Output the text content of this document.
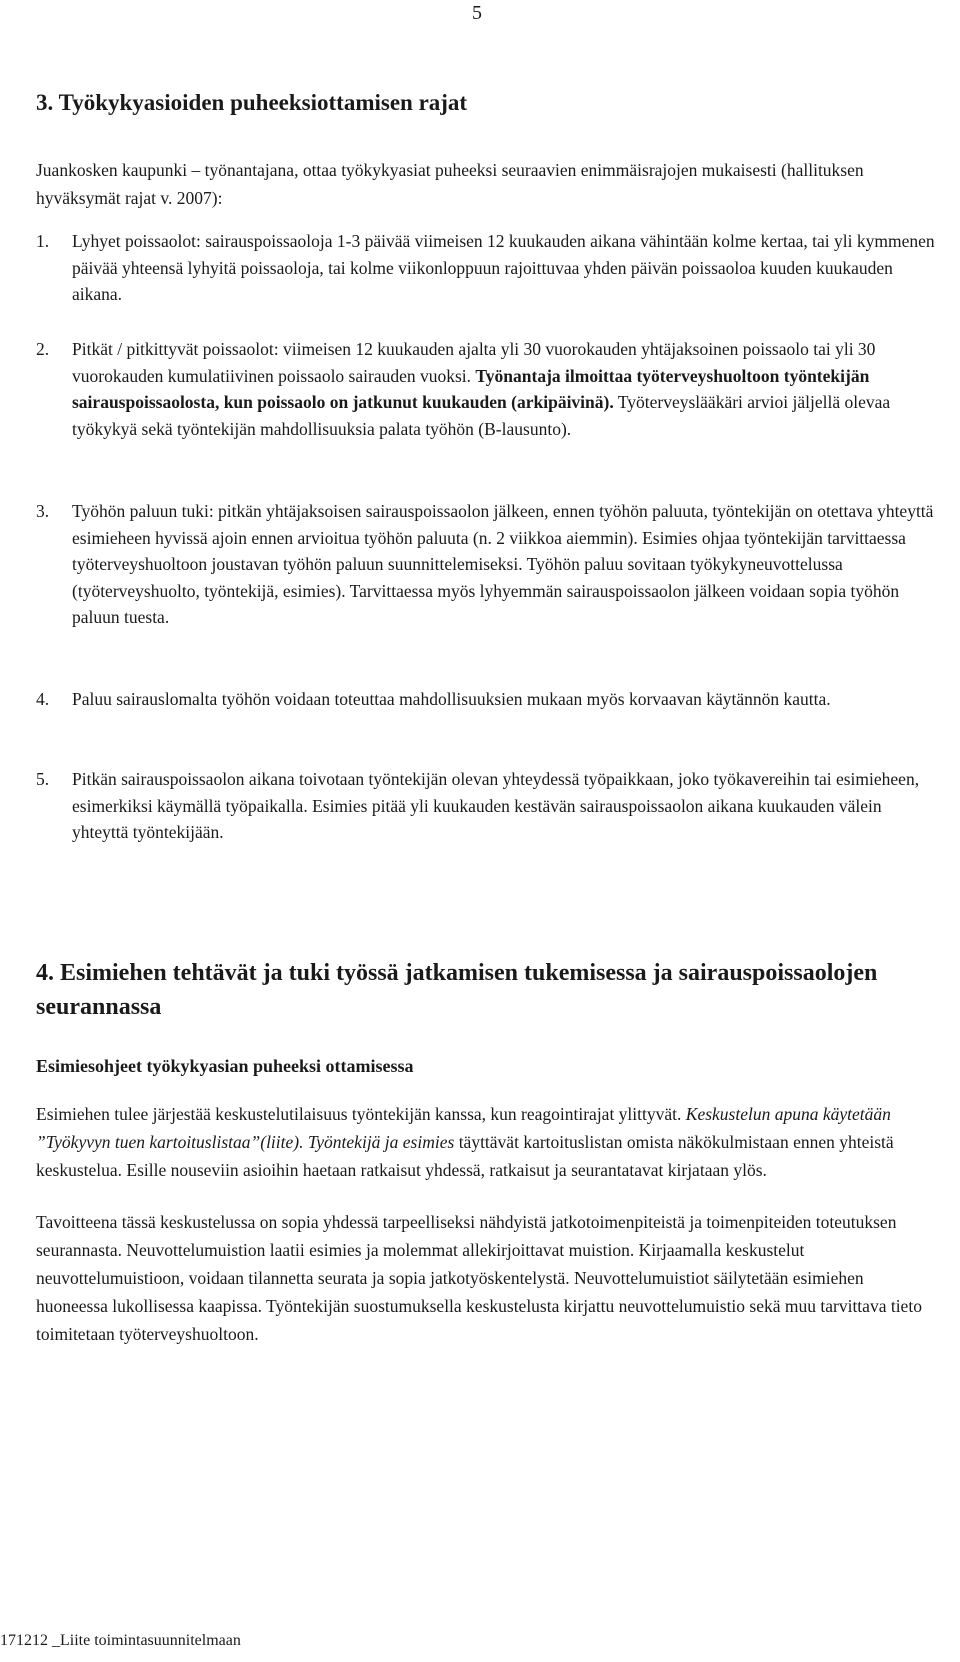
5
3. Työkykyasioiden puheeksiottamisen rajat
Juankosken kaupunki – työnantajana, ottaa työkykyasiat puheeksi seuraavien enimmäisrajojen mukaisesti (hallituksen hyväksymät rajat v. 2007):
1.	Lyhyet poissaolot: sairauspoissaoloja 1-3 päivää viimeisen 12 kuukauden aikana vähintään kolme kertaa, tai yli kymmenen päivää yhteensä lyhyitä poissaoloja, tai kolme viikonloppuun rajoittuvaa yhden päivän poissaoloa kuuden kuukauden aikana.
2.	Pitkät / pitkittyvät poissaolot: viimeisen 12 kuukauden ajalta yli 30 vuorokauden yhtäjaksoinen poissaolo tai yli 30 vuorokauden kumulatiivinen poissaolo sairauden vuoksi. Työnantaja ilmoittaa työterveyshuoltoon työntekijän sairauspoissaolosta, kun poissaolo on jatkunut kuukauden (arkipäivinä). Työterveyslääkäri arvioi jäljellä olevaa työkykyä sekä työntekijän mahdollisuuksia palata työhön (B-lausunto).
3.	Työhön paluun tuki: pitkän yhtäjaksoisen sairauspoissaolon jälkeen, ennen työhön paluuta, työntekijän on otettava yhteyttä esimieheen hyvissä ajoin ennen arvioitua työhön paluuta (n. 2 viikkoa aiemmin). Esimies ohjaa työntekijän tarvittaessa työterveyshuoltoon joustavan työhön paluun suunnittelemiseksi. Työhön paluu sovitaan työkykyneuvottelussa (työterveyshuolto, työntekijä, esimies). Tarvittaessa myös lyhyemmän sairauspoissaolon jälkeen voidaan sopia työhön paluun tuesta.
4.	Paluu sairauslomalta työhön voidaan toteuttaa mahdollisuuksien mukaan myös korvaavan käytännön kautta.
5.	Pitkän sairauspoissaolon aikana toivotaan työntekijän olevan yhteydessä työpaikkaan, joko työkavereihin tai esimieheen, esimerkiksi käymällä työpaikalla. Esimies pitää yli kuukauden kestävän sairauspoissaolon aikana kuukauden välein yhteyttä työntekijään.
4. Esimiehen tehtävät ja tuki työssä jatkamisen tukemisessa ja sairauspoissaolojen seurannassa
Esimiesohjeet työkykyasian puheeksi ottamisessa
Esimiehen tulee järjestää keskustelutilaisuus työntekijän kanssa, kun reagointirajat ylittyvät. Keskustelun apuna käytetään ”Työkyvyn tuen kartoituslistaa”(liite). Työntekijä ja esimies täyttävät kartoituslistan omista näkökulmistaan ennen yhteistä keskustelua. Esille nouseviin asioihin haetaan ratkaisut yhdessä, ratkaisut ja seurantatavat kirjataan ylös.
Tavoitteena tässä keskustelussa on sopia yhdessä tarpeelliseksi nähdyistä jatkotoimenpiteistä ja toimenpiteiden toteutuksen seurannasta. Neuvottelumuistion laatii esimies ja molemmat allekirjoittavat muistion. Kirjaamalla keskustelut neuvottelumuistioon, voidaan tilannetta seurata ja sopia jatkotyöskentelystä. Neuvottelumuistiot säilytetään esimiehen huoneessa lukollisessa kaapissa. Työntekijän suostumuksella keskustelusta kirjattu neuvottelumuistio sekä muu tarvittava tieto toimitetaan työterveyshuoltoon.
171212 _Liite toimintasuunnitelmaan
